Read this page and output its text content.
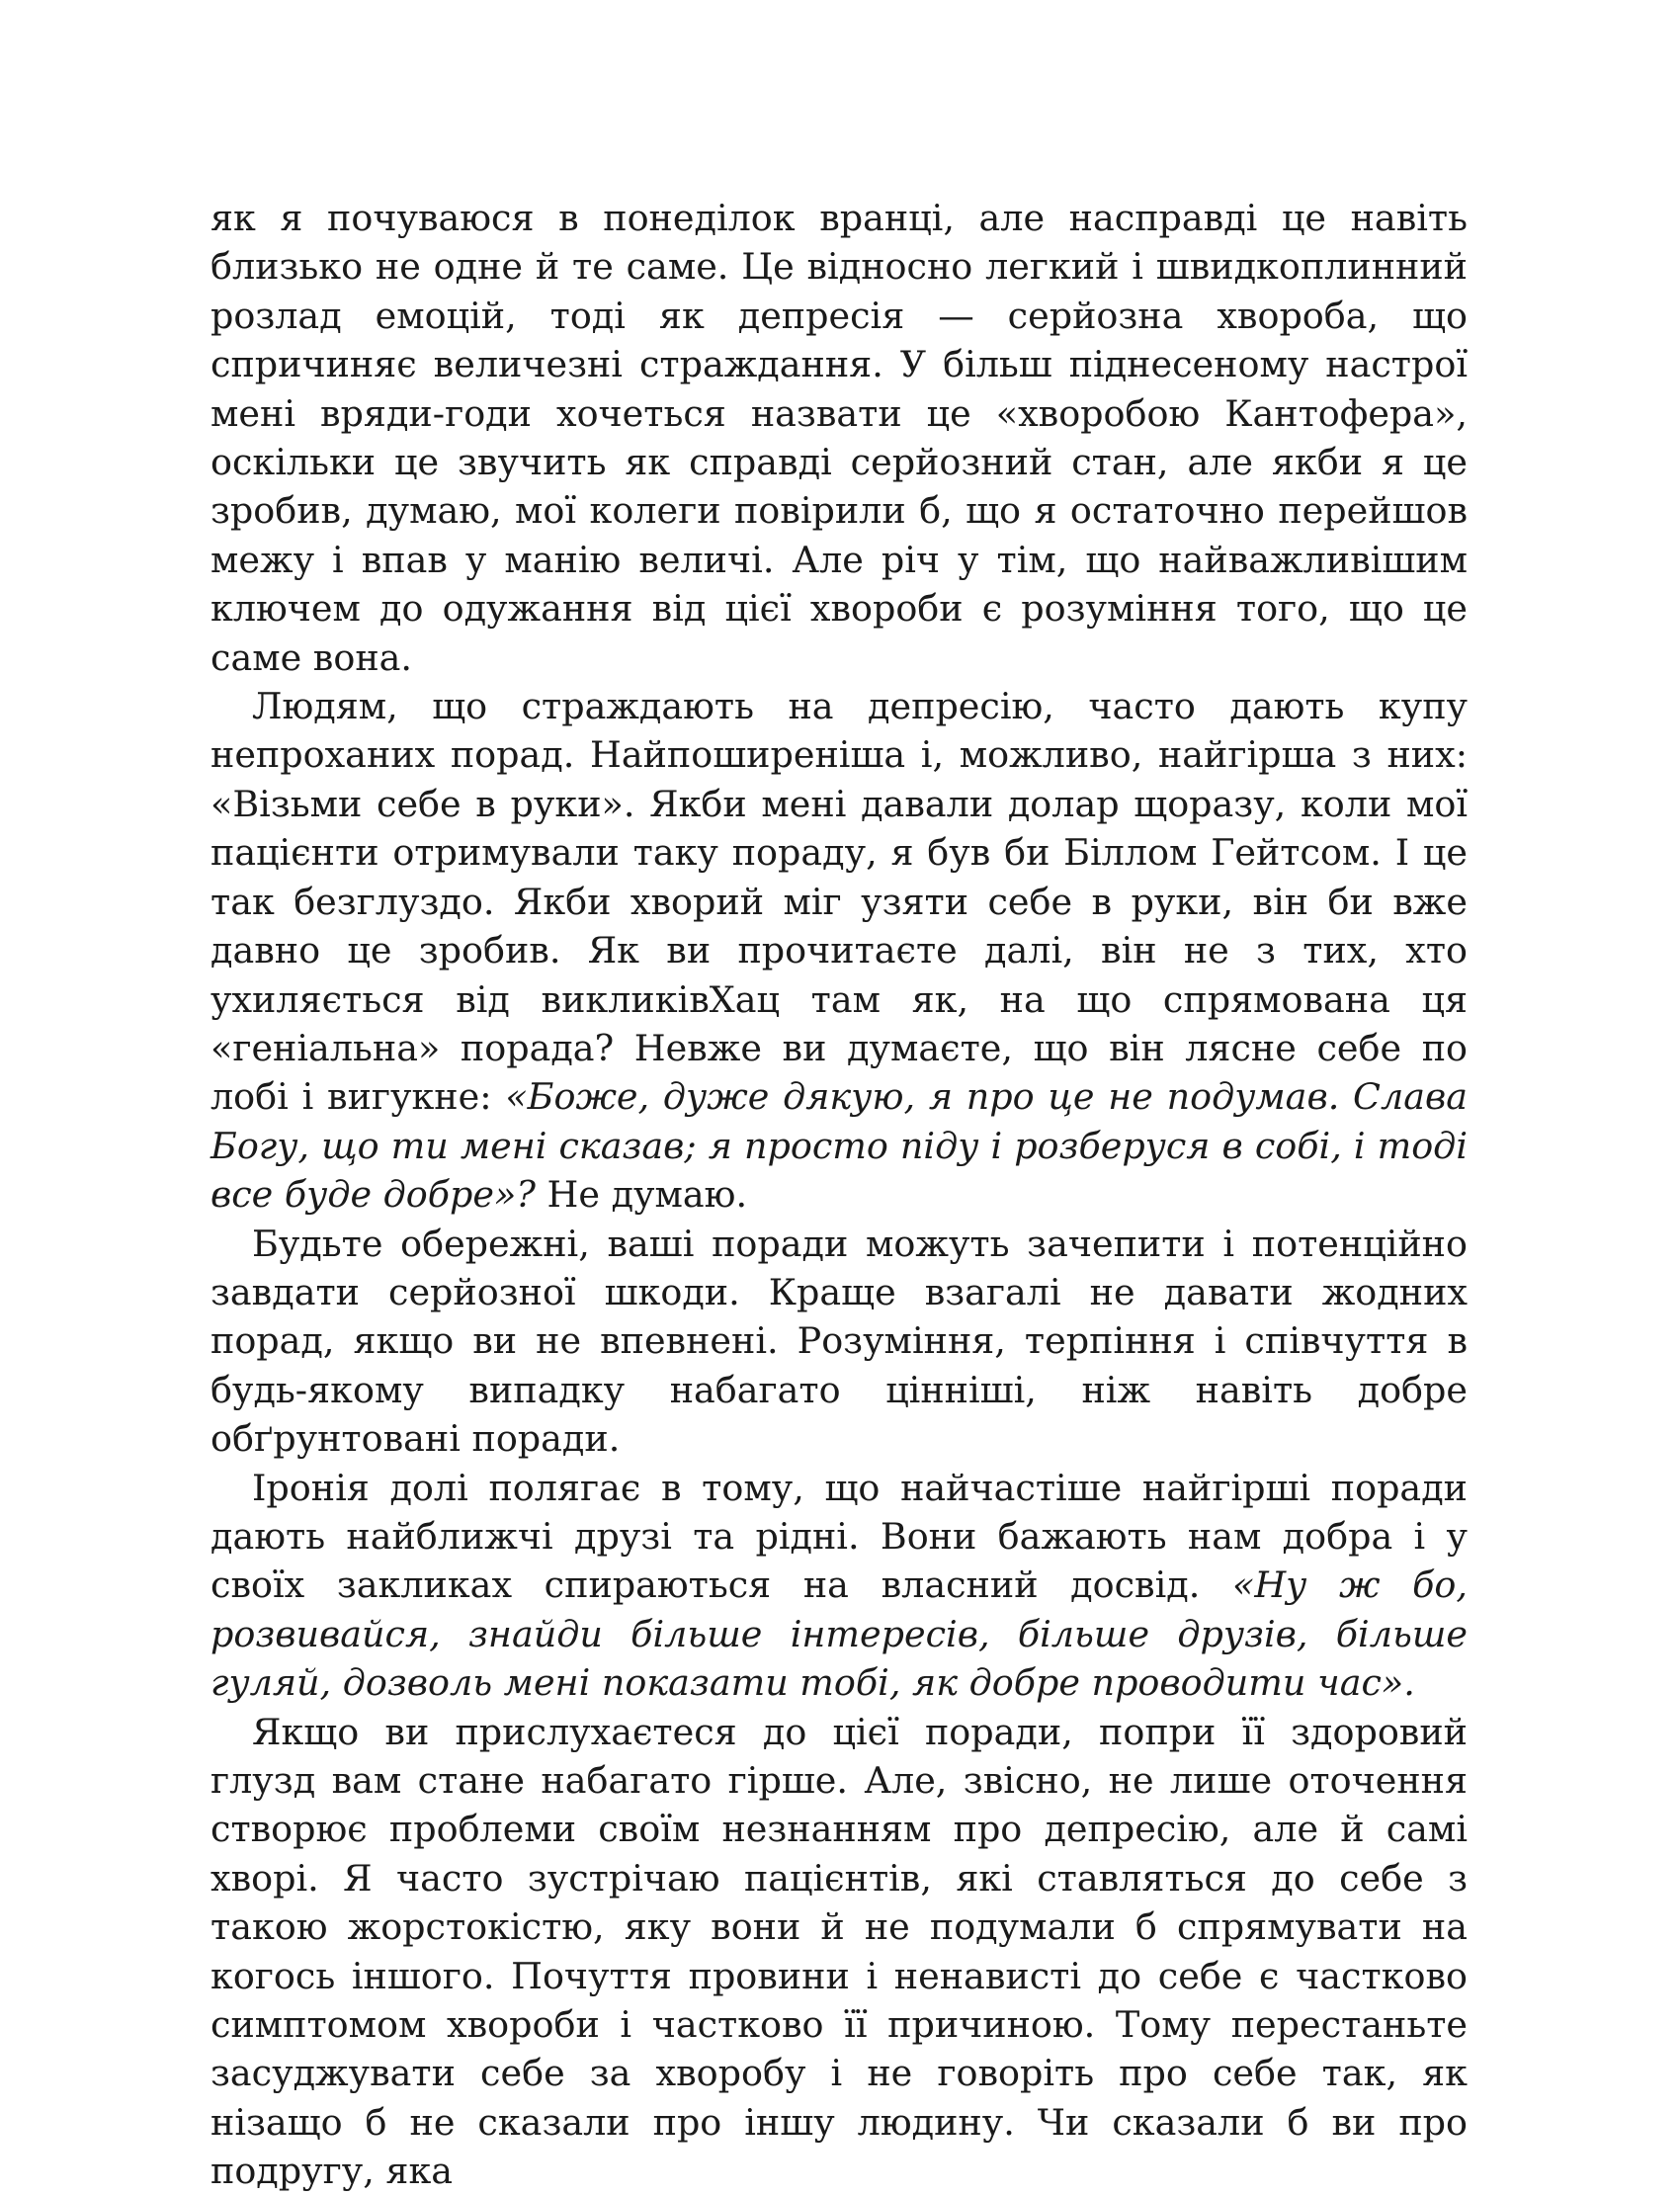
як я почуваюся в понеділок вранці, але насправді це навіть близько не одне й те саме. Це відносно легкий і швидкоплинний розлад емоцій, тоді як депресія — серйозна хвороба, що спричиняє величезні страждання. У більш піднесеному настрої мені вряди-годи хочеться назвати це «хворобою Кантофера», оскільки це звучить як справді серйозний стан, але якби я це зробив, думаю, мої колеги повірили б, що я остаточно перейшов межу і впав у манію величі. Але річ у тім, що найважливішим ключем до одужання від цієї хвороби є розуміння того, що це саме вона.

Людям, що страждають на депресію, часто дають купу непроханих порад. Найпоширеніша і, можливо, найгірша з них: «Візьми себе в руки». Якби мені давали долар щоразу, коли мої пацієнти отримували таку пораду, я був би Біллом Гейтсом. І це так безглуздо. Якби хворий міг узяти себе в руки, він би вже давно це зробив. Як ви прочитаєте далі, він не з тих, хто ухиляється від викликівХац там як, на що спрямована ця «геніальна» порада? Невже ви думаєте, що він ляснe себе по лобі і вигукне: «Боже, дуже дякую, я про це не подумав. Слава Богу, що ти мені сказав; я просто піду і розберуся в собі, і тоді все буде добре»? Не думаю.

Будьте обережні, ваші поради можуть зачепити і потенційно завдати серйозної шкоди. Краще взагалі не давати жодних порад, якщо ви не впевнені. Розуміння, терпіння і співчуття в будь-якому випадку набагато цінніші, ніж навіть добре обґрунтовані поради.

Іронія долі полягає в тому, що найчастіше найгірші поради дають найближчі друзі та рідні. Вони бажають нам добра і у своїх закликах спираються на власний досвід. «Ну ж бо, розвивайся, знайди більше інтересів, більше друзів, більше гуляй, дозволь мені показати тобі, як добре проводити час».

Якщо ви прислухаєтеся до цієї поради, попри її здоровий глузд вам стане набагато гірше. Але, звісно, не лише оточення створює проблеми своїм незнанням про депресію, але й самі хворі. Я часто зустрічаю пацієнтів, які ставляться до себе з такою жорстокістю, яку вони й не подумали б спрямувати на когось іншого. Почуття провини і ненависті до себе є частково симптомом хвороби і частково її причиною. Тому перестаньте засуджувати себе за хворобу і не говоріть про себе так, як нізащо б не сказали про іншу людину. Чи сказали б ви про подругу, яка
